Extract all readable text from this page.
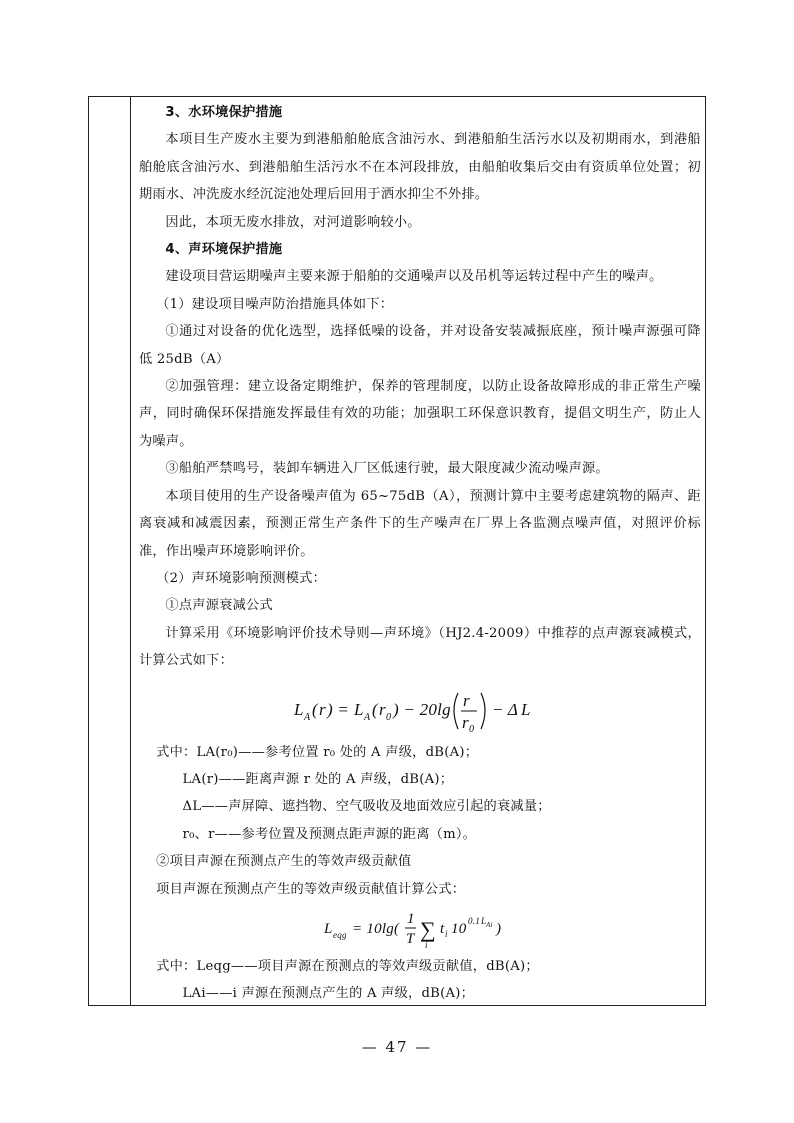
3、水环境保护措施

本项目生产废水主要为到港船舶舱底含油污水、到港船舶生活污水以及初期雨水，到港船舶舱底含油污水、到港船舶生活污水不在本河段排放，由船舶收集后交由有资质单位处置；初期雨水、冲洗废水经沉淀池处理后回用于洒水抑尘不外排。

因此，本项无废水排放，对河道影响较小。

4、声环境保护措施

建设项目营运期噪声主要来源于船舶的交通噪声以及吊机等运转过程中产生的噪声。

（1）建设项目噪声防治措施具体如下：

①通过对设备的优化选型，选择低噪的设备，并对设备安装减振底座，预计噪声源强可降低 25dB（A）

②加强管理：建立设备定期维护，保养的管理制度，以防止设备故障形成的非正常生产噪声，同时确保环保措施发挥最佳有效的功能；加强职工环保意识教育，提倡文明生产，防止人为噪声。

③船舶严禁鸣号，装卸车辆进入厂区低速行驶，最大限度减少流动噪声源。

本项目使用的生产设备噪声值为 65~75dB（A），预测计算中主要考虑建筑物的隔声、距离衰减和减震因素，预测正常生产条件下的生产噪声在厂界上各监测点噪声值，对照评价标准，作出噪声环境影响评价。

（2）声环境影响预测模式：

①点声源衰减公式

计算采用《环境影响评价技术导则—声环境》（HJ2.4-2009）中推荐的点声源衰减模式，计算公式如下：

L A ( r ) = L A ( r 0 ) − 20lg r
r 0
− Δ L

式中：LA(r₀)——参考位置 r₀ 处的 A 声级，dB(A)；

LA(r)——距离声源 r 处的 A 声级，dB(A)；

ΔL——声屏障、遮挡物、空气吸收及地面效应引起的衰减量；

r₀、r——参考位置及预测点距声源的距离（m）。

②项目声源在预测点产生的等效声级贡献值

项目声源在预测点产生的等效声级贡献值计算公式：

L eqg = 10lg(
1
T ∑
i
t i 10 0.1 L Ai )

式中：Leqg——项目声源在预测点的等效声级贡献值，dB(A)；

LAi——i 声源在预测点产生的 A 声级，dB(A)；

— 47 —
